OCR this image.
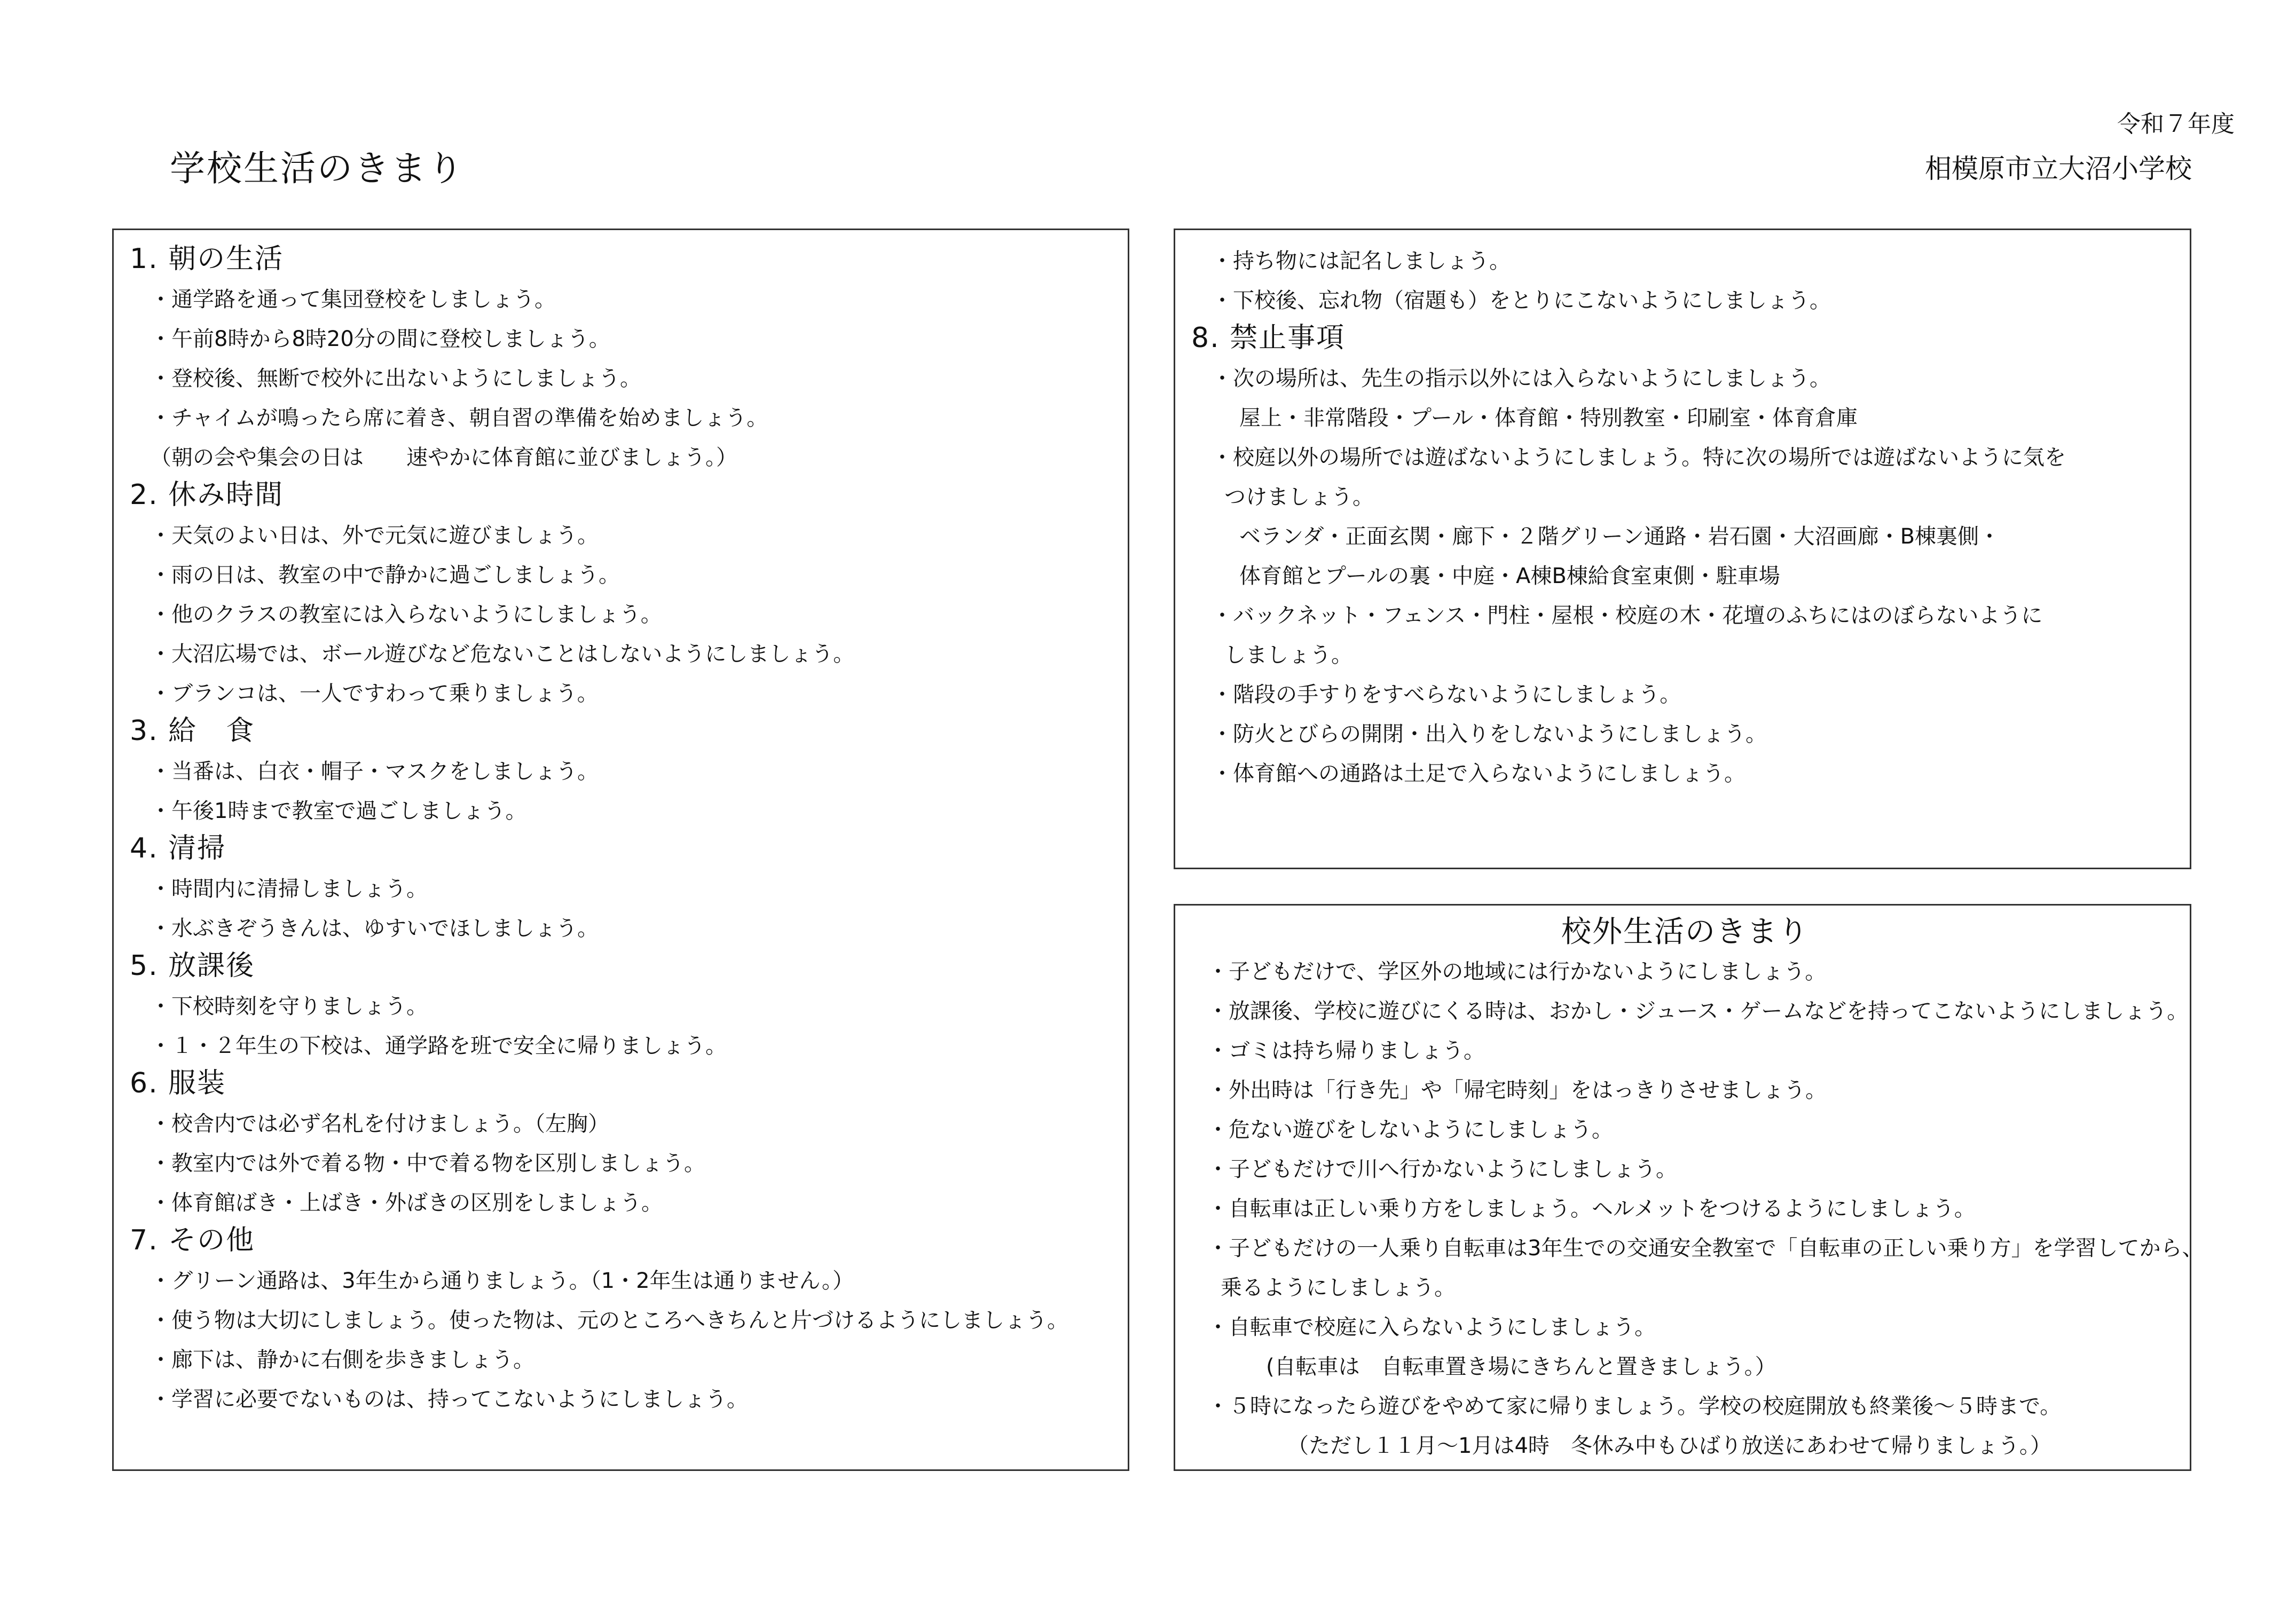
令和７年度
相模原市立大沼小学校
学校生活のきまり
1. 朝の生活
・通学路を通って集団登校をしましょう。
・午前8時から8時20分の間に登校しましょう。
・登校後、無断で校外に出ないようにしましょう。
・チャイムが鳴ったら席に着き、朝自習の準備を始めましょう。
（朝の会や集会の日は　　速やかに体育館に並びましょう。）
2. 休み時間
・天気のよい日は、外で元気に遊びましょう。
・雨の日は、教室の中で静かに過ごしましょう。
・他のクラスの教室には入らないようにしましょう。
・大沼広場では、ボール遊びなど危ないことはしないようにしましょう。
・ブランコは、一人ですわって乗りましょう。
3. 給　食
・当番は、白衣・帽子・マスクをしましょう。
・午後1時まで教室で過ごしましょう。
4. 清掃
・時間内に清掃しましょう。
・水ぶきぞうきんは、ゆすいでほしましょう。
5. 放課後
・下校時刻を守りましょう。
・１・２年生の下校は、通学路を班で安全に帰りましょう。
6. 服装
・校舎内では必ず名札を付けましょう。（左胸）
・教室内では外で着る物・中で着る物を区別しましょう。
・体育館ばき・上ばき・外ばきの区別をしましょう。
7. その他
・グリーン通路は、3年生から通りましょう。（1・2年生は通りません。）
・使う物は大切にしましょう。使った物は、元のところへきちんと片づけるようにしましょう。
・廊下は、静かに右側を歩きましょう。
・学習に必要でないものは、持ってこないようにしましょう。
・持ち物には記名しましょう。
・下校後、忘れ物（宿題も）をとりにこないようにしましょう。
8. 禁止事項
・次の場所は、先生の指示以外には入らないようにしましょう。
屋上・非常階段・プール・体育館・特別教室・印刷室・体育倉庫
・校庭以外の場所では遊ばないようにしましょう。特に次の場所では遊ばないように気を
つけましょう。
ベランダ・正面玄関・廊下・２階グリーン通路・岩石園・大沼画廊・B棟裏側・
体育館とプールの裏・中庭・A棟B棟給食室東側・駐車場
・バックネット・フェンス・門柱・屋根・校庭の木・花壇のふちにはのぼらないように
しましょう。
・階段の手すりをすべらないようにしましょう。
・防火とびらの開閉・出入りをしないようにしましょう。
・体育館への通路は土足で入らないようにしましょう。
校外生活のきまり
・子どもだけで、学区外の地域には行かないようにしましょう。
・放課後、学校に遊びにくる時は、おかし・ジュース・ゲームなどを持ってこないようにしましょう。
・ゴミは持ち帰りましょう。
・外出時は「行き先」や「帰宅時刻」をはっきりさせましょう。
・危ない遊びをしないようにしましょう。
・子どもだけで川へ行かないようにしましょう。
・自転車は正しい乗り方をしましょう。ヘルメットをつけるようにしましょう。
・子どもだけの一人乗り自転車は3年生での交通安全教室で「自転車の正しい乗り方」を学習してから、
乗るようにしましょう。
・自転車で校庭に入らないようにしましょう。
(自転車は　自転車置き場にきちんと置きましょう。）
・５時になったら遊びをやめて家に帰りましょう。学校の校庭開放も終業後～５時まで。
（ただし１１月～1月は4時　冬休み中もひばり放送にあわせて帰りましょう。）
